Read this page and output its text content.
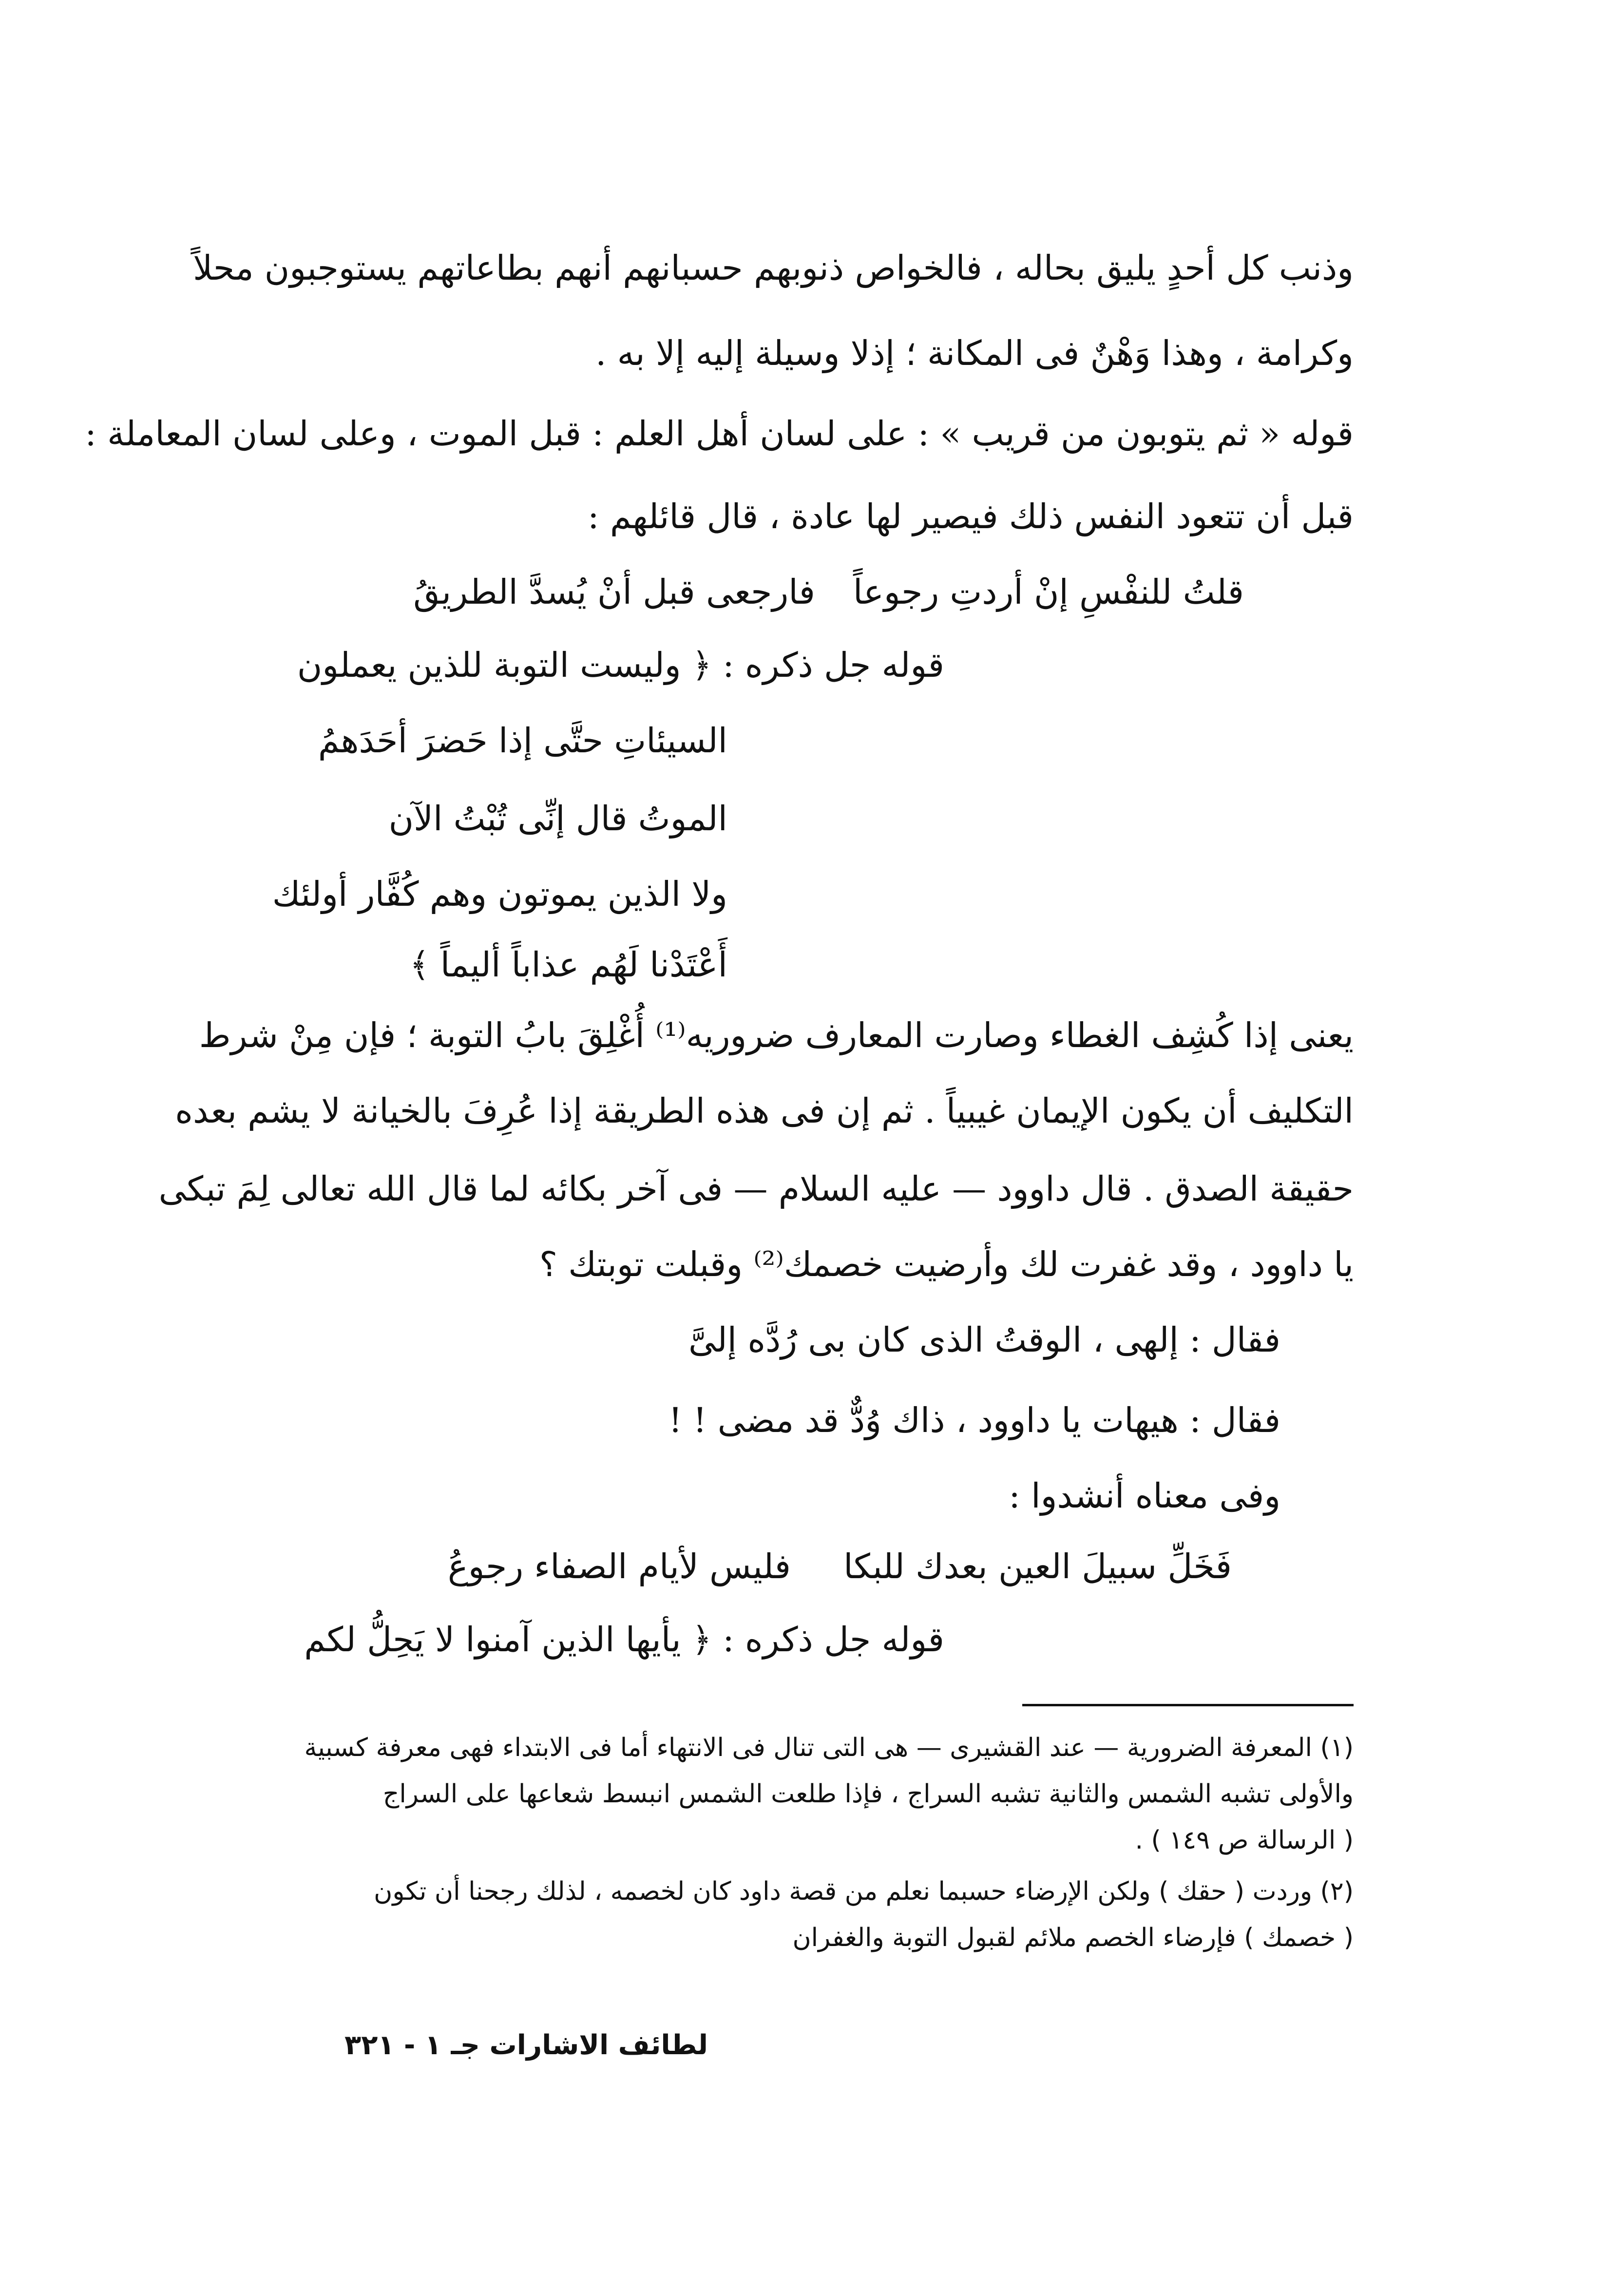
وذنب كل أحدٍ يليق بحاله ، فالخواص ذنوبهم حسبانهم أنهم بطاعاتهم يستوجبون محلاً
وكرامة ، وهذا وَهْنٌ فى المكانة ؛ إذلا وسيلة إليه إلا به .
قوله « ثم يتوبون من قريب » : على لسان أهل العلم : قبل الموت ، وعلى لسان المعاملة :
قبل أن تتعود النفس ذلك فيصير لها عادة ، قال قائلهم :
قلتُ للنفْسِ إنْ أردتِ رجوعاً
فارجعى قبل أنْ يُسدَّ الطريقُ
قوله جل ذكره : ﴿ وليست التوبة للذين يعملون
السيئاتِ حتَّى إذا حَضرَ أحَدَهمُ
الموتُ قال إنِّى تُبْتُ الآن
ولا الذين يموتون وهم كُفَّار أولئك
أَعْتَدْنا لَهُم عذاباً أليماً ﴾
يعنى إذا كُشِف الغطاء وصارت المعارف ضروريه⁽¹⁾ أُغْلِقَ بابُ التوبة ؛ فإن مِنْ شرط
التكليف أن يكون الإيمان غيبياً . ثم إن فى هذه الطريقة إذا عُرِفَ بالخيانة لا يشم بعده
حقيقة الصدق . قال داوود — عليه السلام — فى آخر بكائه لما قال الله تعالى لِمَ تبكى
يا داوود ، وقد غفرت لك وأرضيت خصمك⁽²⁾ وقبلت توبتك ؟
فقال : إلهى ، الوقتُ الذى كان بى رُدَّه إلىَّ
فقال : هيهات يا داوود ، ذاك وُدٌّ قد مضى ! !
وفى معناه أنشدوا :
فَخَلِّ سبيلَ العين بعدك للبكا
فليس لأيام الصفاء رجوعُ
قوله جل ذكره : ﴿ يأيها الذين آمنوا لا يَحِلُّ لكم
(١) المعرفة الضرورية — عند القشيرى — هى التى تنال فى الانتهاء أما فى الابتداء فهى معرفة كسبية
والأولى تشبه الشمس والثانية تشبه السراج ، فإذا طلعت الشمس انبسط شعاعها على السراج
( الرسالة ص ١٤٩ ) .
(٢) وردت ( حقك ) ولكن الإرضاء حسبما نعلم من قصة داود كان لخصمه ، لذلك رجحنا أن تكون
( خصمك ) فإرضاء الخصم ملائم لقبول التوبة والغفران
لطائف الاشارات جـ ١ - ٣٢١
